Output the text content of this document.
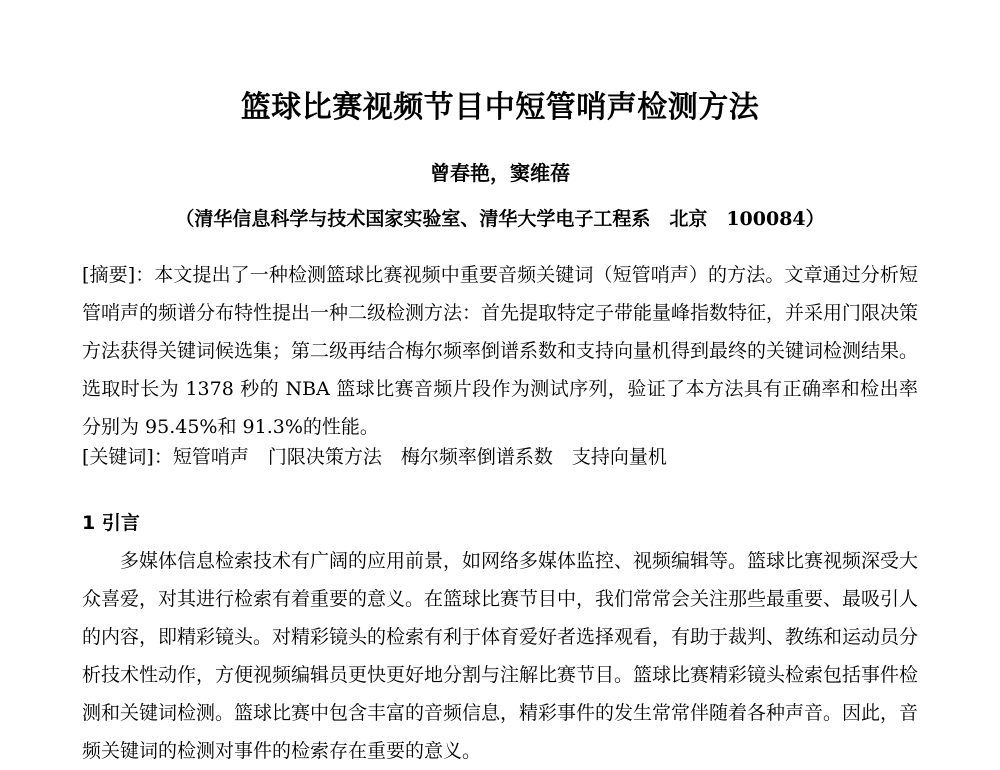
篮球比赛视频节目中短管哨声检测方法
曾春艳，窦维蓓
（清华信息科学与技术国家实验室、清华大学电子工程系　北京　100084）

[摘要]：本文提出了一种检测篮球比赛视频中重要音频关键词（短管哨声）的方法。文章通过分析短管哨声的频谱分布特性提出一种二级检测方法：首先提取特定子带能量峰指数特征，并采用门限决策方法获得关键词候选集；第二级再结合梅尔频率倒谱系数和支持向量机得到最终的关键词检测结果。选取时长为 1378 秒的 NBA 篮球比赛音频片段作为测试序列，验证了本方法具有正确率和检出率分别为 95.45%和 91.3%的性能。

[关键词]：短管哨声　门限决策方法　梅尔频率倒谱系数　支持向量机

1 引言

多媒体信息检索技术有广阔的应用前景，如网络多媒体监控、视频编辑等。篮球比赛视频深受大众喜爱，对其进行检索有着重要的意义。在篮球比赛节目中，我们常常会关注那些最重要、最吸引人的内容，即精彩镜头。对精彩镜头的检索有利于体育爱好者选择观看，有助于裁判、教练和运动员分析技术性动作，方便视频编辑员更快更好地分割与注解比赛节目。篮球比赛精彩镜头检索包括事件检测和关键词检测。篮球比赛中包含丰富的音频信息，精彩事件的发生常常伴随着各种声音。因此，音频关键词的检测对事件的检索存在重要的意义。
